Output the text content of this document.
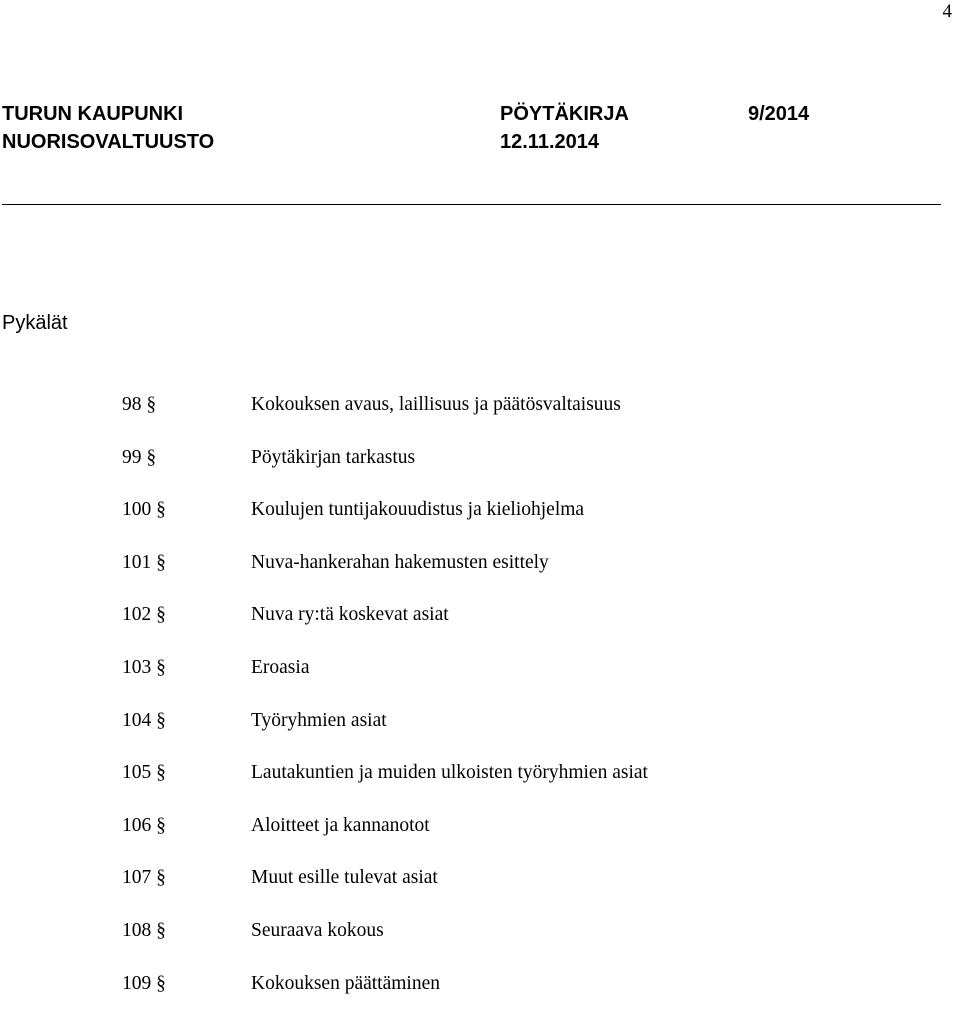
4
TURUN KAUPUNKI	PÖYTÄKIRJA	9/2014
NUORISOVALTUUSTO	12.11.2014
Pykälät
98 §	Kokouksen avaus, laillisuus ja päätösvaltaisuus
99 §	Pöytäkirjan tarkastus
100 §	Koulujen tuntijakouudistus ja kieliohjelma
101 §	Nuva-hankerahan hakemusten esittely
102 §	Nuva ry:tä koskevat asiat
103 §	Eroasia
104 §	Työryhmien asiat
105 §	Lautakuntien ja muiden ulkoisten työryhmien asiat
106 §	Aloitteet ja kannanotot
107 §	Muut esille tulevat asiat
108 §	Seuraava kokous
109 §	Kokouksen päättäminen
